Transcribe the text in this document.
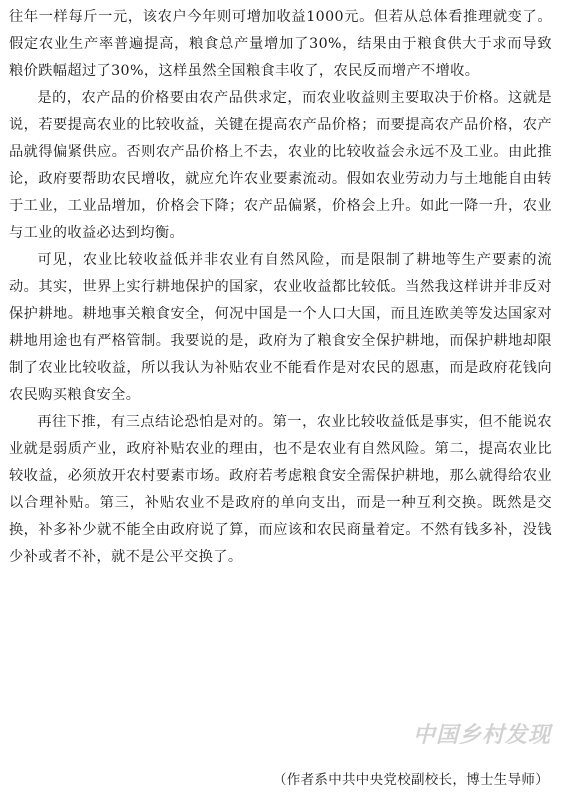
往年一样每斤一元，该农户今年则可增加收益1000元。但若从总体看推理就变了。假定农业生产率普遍提高，粮食总产量增加了30%，结果由于粮食供大于求而导致粮价跌幅超过了30%，这样虽然全国粮食丰收了，农民反而增产不增收。

是的，农产品的价格要由农产品供求定，而农业收益则主要取决于价格。这就是说，若要提高农业的比较收益，关键在提高农产品价格；而要提高农产品价格，农产品就得偏紧供应。否则农产品价格上不去，农业的比较收益会永远不及工业。由此推论，政府要帮助农民增收，就应允许农业要素流动。假如农业劳动力与土地能自由转于工业，工业品增加，价格会下降；农产品偏紧，价格会上升。如此一降一升，农业与工业的收益必达到均衡。

可见，农业比较收益低并非农业有自然风险，而是限制了耕地等生产要素的流动。其实，世界上实行耕地保护的国家，农业收益都比较低。当然我这样讲并非反对保护耕地。耕地事关粮食安全，何况中国是一个人口大国，而且连欧美等发达国家对耕地用途也有严格管制。我要说的是，政府为了粮食安全保护耕地，而保护耕地却限制了农业比较收益，所以我认为补贴农业不能看作是对农民的恩惠，而是政府花钱向农民购买粮食安全。

再往下推，有三点结论恐怕是对的。第一，农业比较收益低是事实，但不能说农业就是弱质产业，政府补贴农业的理由，也不是农业有自然风险。第二，提高农业比较收益，必须放开农村要素市场。政府若考虑粮食安全需保护耕地，那么就得给农业以合理补贴。第三，补贴农业不是政府的单向支出，而是一种互利交换。既然是交换，补多补少就不能全由政府说了算，而应该和农民商量着定。不然有钱多补，没钱少补或者不补，就不是公平交换了。

中国乡村发现

（作者系中共中央党校副校长，博士生导师）
